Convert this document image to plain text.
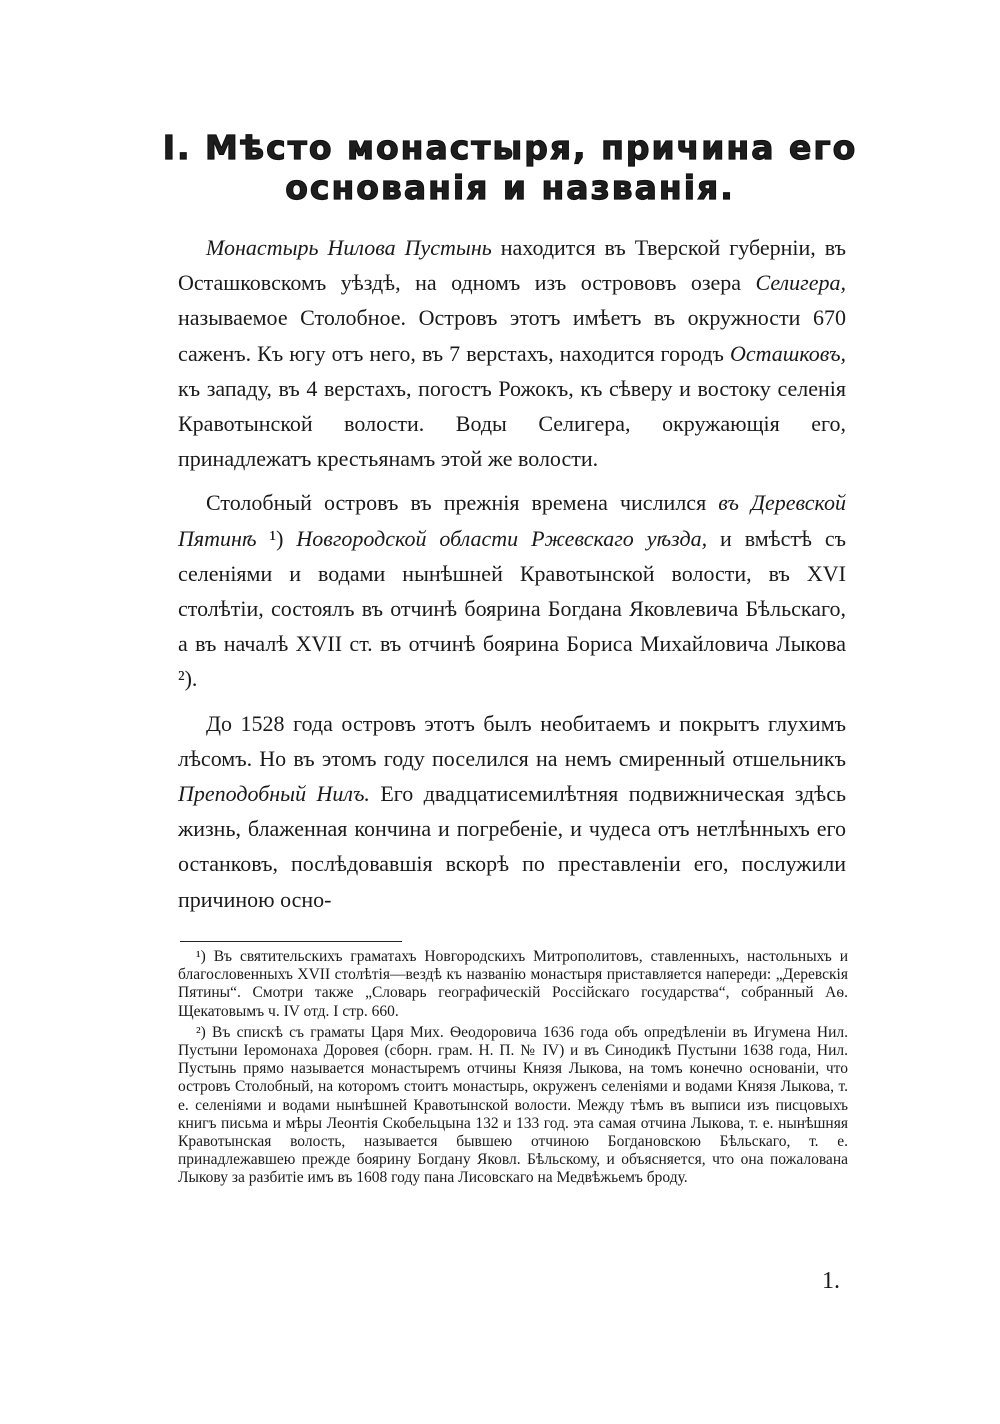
I. Мѣсто монастыря, причина его
основанія и названія.

Монастырь Нилова Пустынь находится въ Тверской губерніи, въ Осташковскомъ уѣздѣ, на одномъ изъ острововъ озера Селигера, называемое Столобное. Островъ этотъ имѣетъ въ окружности 670 саженъ. Къ югу отъ него, въ 7 верстахъ, находится городъ Осташковъ, къ западу, въ 4 верстахъ, погостъ Рожокъ, къ сѣверу и востоку селенія Кравотынской волости. Воды Селигера, окружающія его, принадлежатъ крестьянамъ этой же волости.

Столобный островъ въ прежнія времена числился въ Деревской Пятинѣ ¹) Новгородской области Ржевскаго уѣзда, и вмѣстѣ съ селеніями и водами нынѣшней Кравотынской волости, въ XVI столѣтіи, состоялъ въ отчинѣ боярина Богдана Яковлевича Бѣльскаго, а въ началѣ XVII ст. въ отчинѣ боярина Бориса Михайловича Лыкова ²).

До 1528 года островъ этотъ былъ необитаемъ и покрытъ глухимъ лѣсомъ. Но въ этомъ году поселился на немъ смиренный отшельникъ Преподобный Нилъ. Его двадцатисемилѣтняя подвижническая здѣсь жизнь, блаженная кончина и погребеніе, и чудеса отъ нетлѣнныхъ его останковъ, послѣдовавшія вскорѣ по преставленіи его, послужили причиною осно-

¹) Въ святительскихъ граматахъ Новгородскихъ Митрополитовъ, ставленныхъ, настольныхъ и благословенныхъ XVII столѣтія—вездѣ къ названію монастыря приставляется напереди: „Деревскія Пятины“. Смотри также „Словарь географическій Россійскаго государства“, собранный Аѳ. Щекатовымъ ч. IV отд. I стр. 660.

²) Въ спискѣ съ граматы Царя Мих. Ѳеодоровича 1636 года объ опредѣленіи въ Игумена Нил. Пустыни Іеромонаха Доровея (сборн. грам. Н. П. № IV) и въ Синодикѣ Пустыни 1638 года, Нил. Пустынь прямо называется монастыремъ отчины Князя Лыкова, на томъ конечно основаніи, что островъ Столобный, на которомъ стоитъ монастырь, окруженъ селеніями и водами Князя Лыкова, т. е. селеніями и водами нынѣшней Кравотынской волости. Между тѣмъ въ выписи изъ писцовыхъ книгъ письма и мѣры Леонтія Скобельцына 132 и 133 год. эта самая отчина Лыкова, т. е. нынѣшняя Кравотынская волость, называется бывшею отчиною Богдановскою Бѣльскаго, т. е. принадлежавшею прежде боярину Богдану Яковл. Бѣльскому, и объясняется, что она пожалована Лыкову за разбитіе имъ въ 1608 году пана Лисовскаго на Медвѣжьемъ броду.

1.
